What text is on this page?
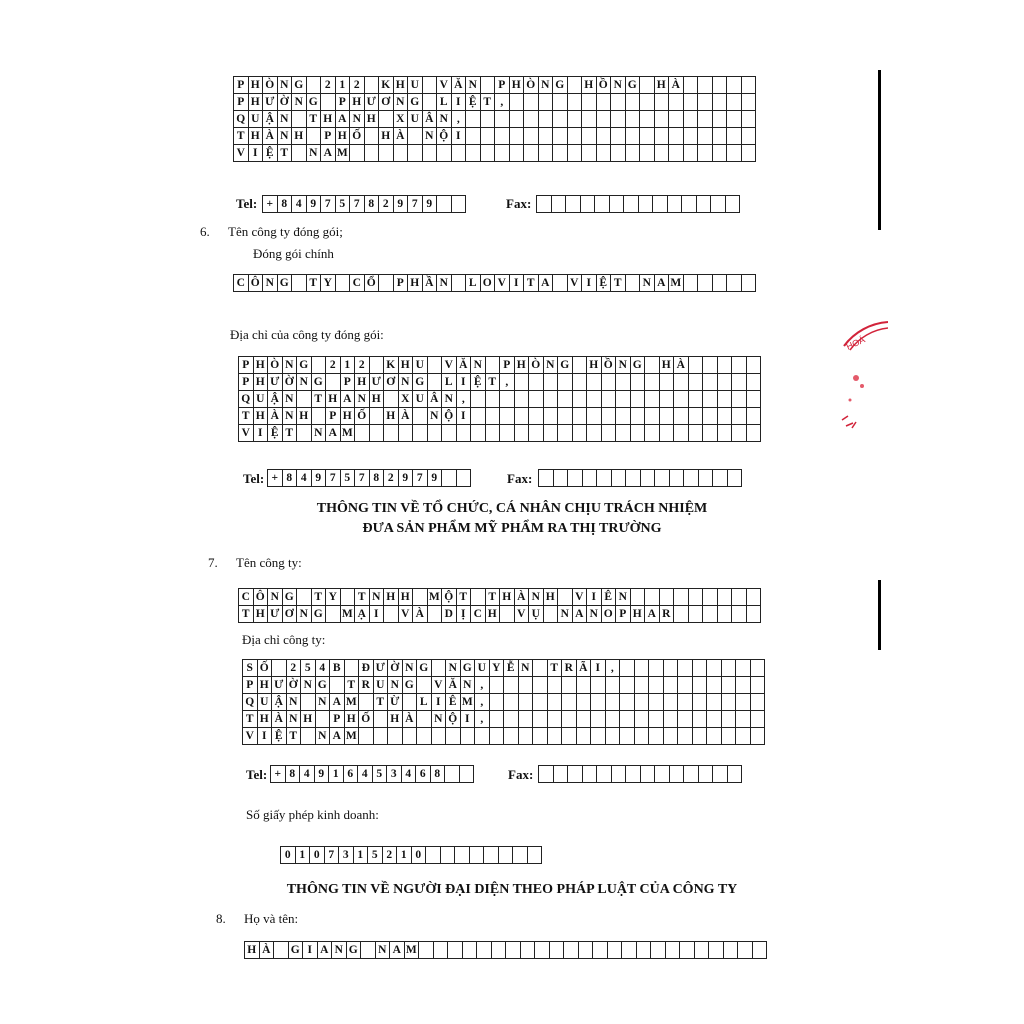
P H Ò N G	2 1 2	K H U	V Ă N	P H Ò N G H Ồ N G H À
P H Ư Ờ N G	P H Ư Ơ N G	L I Ệ T ,
Q U Ậ N	T H A N H	X U Â N ,
T H À N H	P H Ố H À	N Ộ I
V I Ệ T	N A M
Tel: + 8 4 9 7 5 7 8 2 9 7 9	Fax:
6. Tên công ty đóng gói;
Đóng gói chính
C Ô N G	T Y	C Ổ	P H Ầ N	L O V I T A	V I Ệ T	N A M
Địa chỉ của công ty đóng gói:
P H Ò N G	2 1 2	K H U	V Ă N	P H Ò N G H Ồ N G H À
P H Ư Ờ N G	P H Ư Ơ N G	L I Ệ T ,
Q U Ậ N	T H A N H	X U Â N ,
T H À N H	P H Ố H À	N Ộ I
V I Ệ T	N A M
Tel: + 8 4 9 7 5 7 8 2 9 7 9	Fax:
THÔNG TIN VỀ TỔ CHỨC, CÁ NHÂN CHỊU TRÁCH NHIỆM
ĐƯA SẢN PHẨM MỸ PHẨM RA THỊ TRƯỜNG
7. Tên công ty:
C Ô N G	T Y	T N H H M Ộ T	T H À N H	V I Ê N
T H Ư Ơ N G M Ạ I	V À	D Ị C H	V Ụ	N A N O P H A R
Địa chỉ công ty:
S Ố	2 5 4 B	Đ Ư Ờ N G	N G U Y Ễ N	T R Ã I ,
P H Ư Ờ N G	T R U N G	V Ă N ,
Q U Ậ N	N A M	T Ừ	L I Ê M ,
T H À N H	P H Ố H À	N Ộ I ,
V I Ệ T	N A M
Tel: + 8 4 9 1 6 4 5 3 4 6 8	Fax:
Số giấy phép kinh doanh:
0 1 0 7 3 1 5 2 1 0
THÔNG TIN VỀ NGƯỜI ĐẠI DIỆN THEO PHÁP LUẬT CỦA CÔNG TY
8. Họ và tên:
H À	G I A N G	N A M
HOÁ
